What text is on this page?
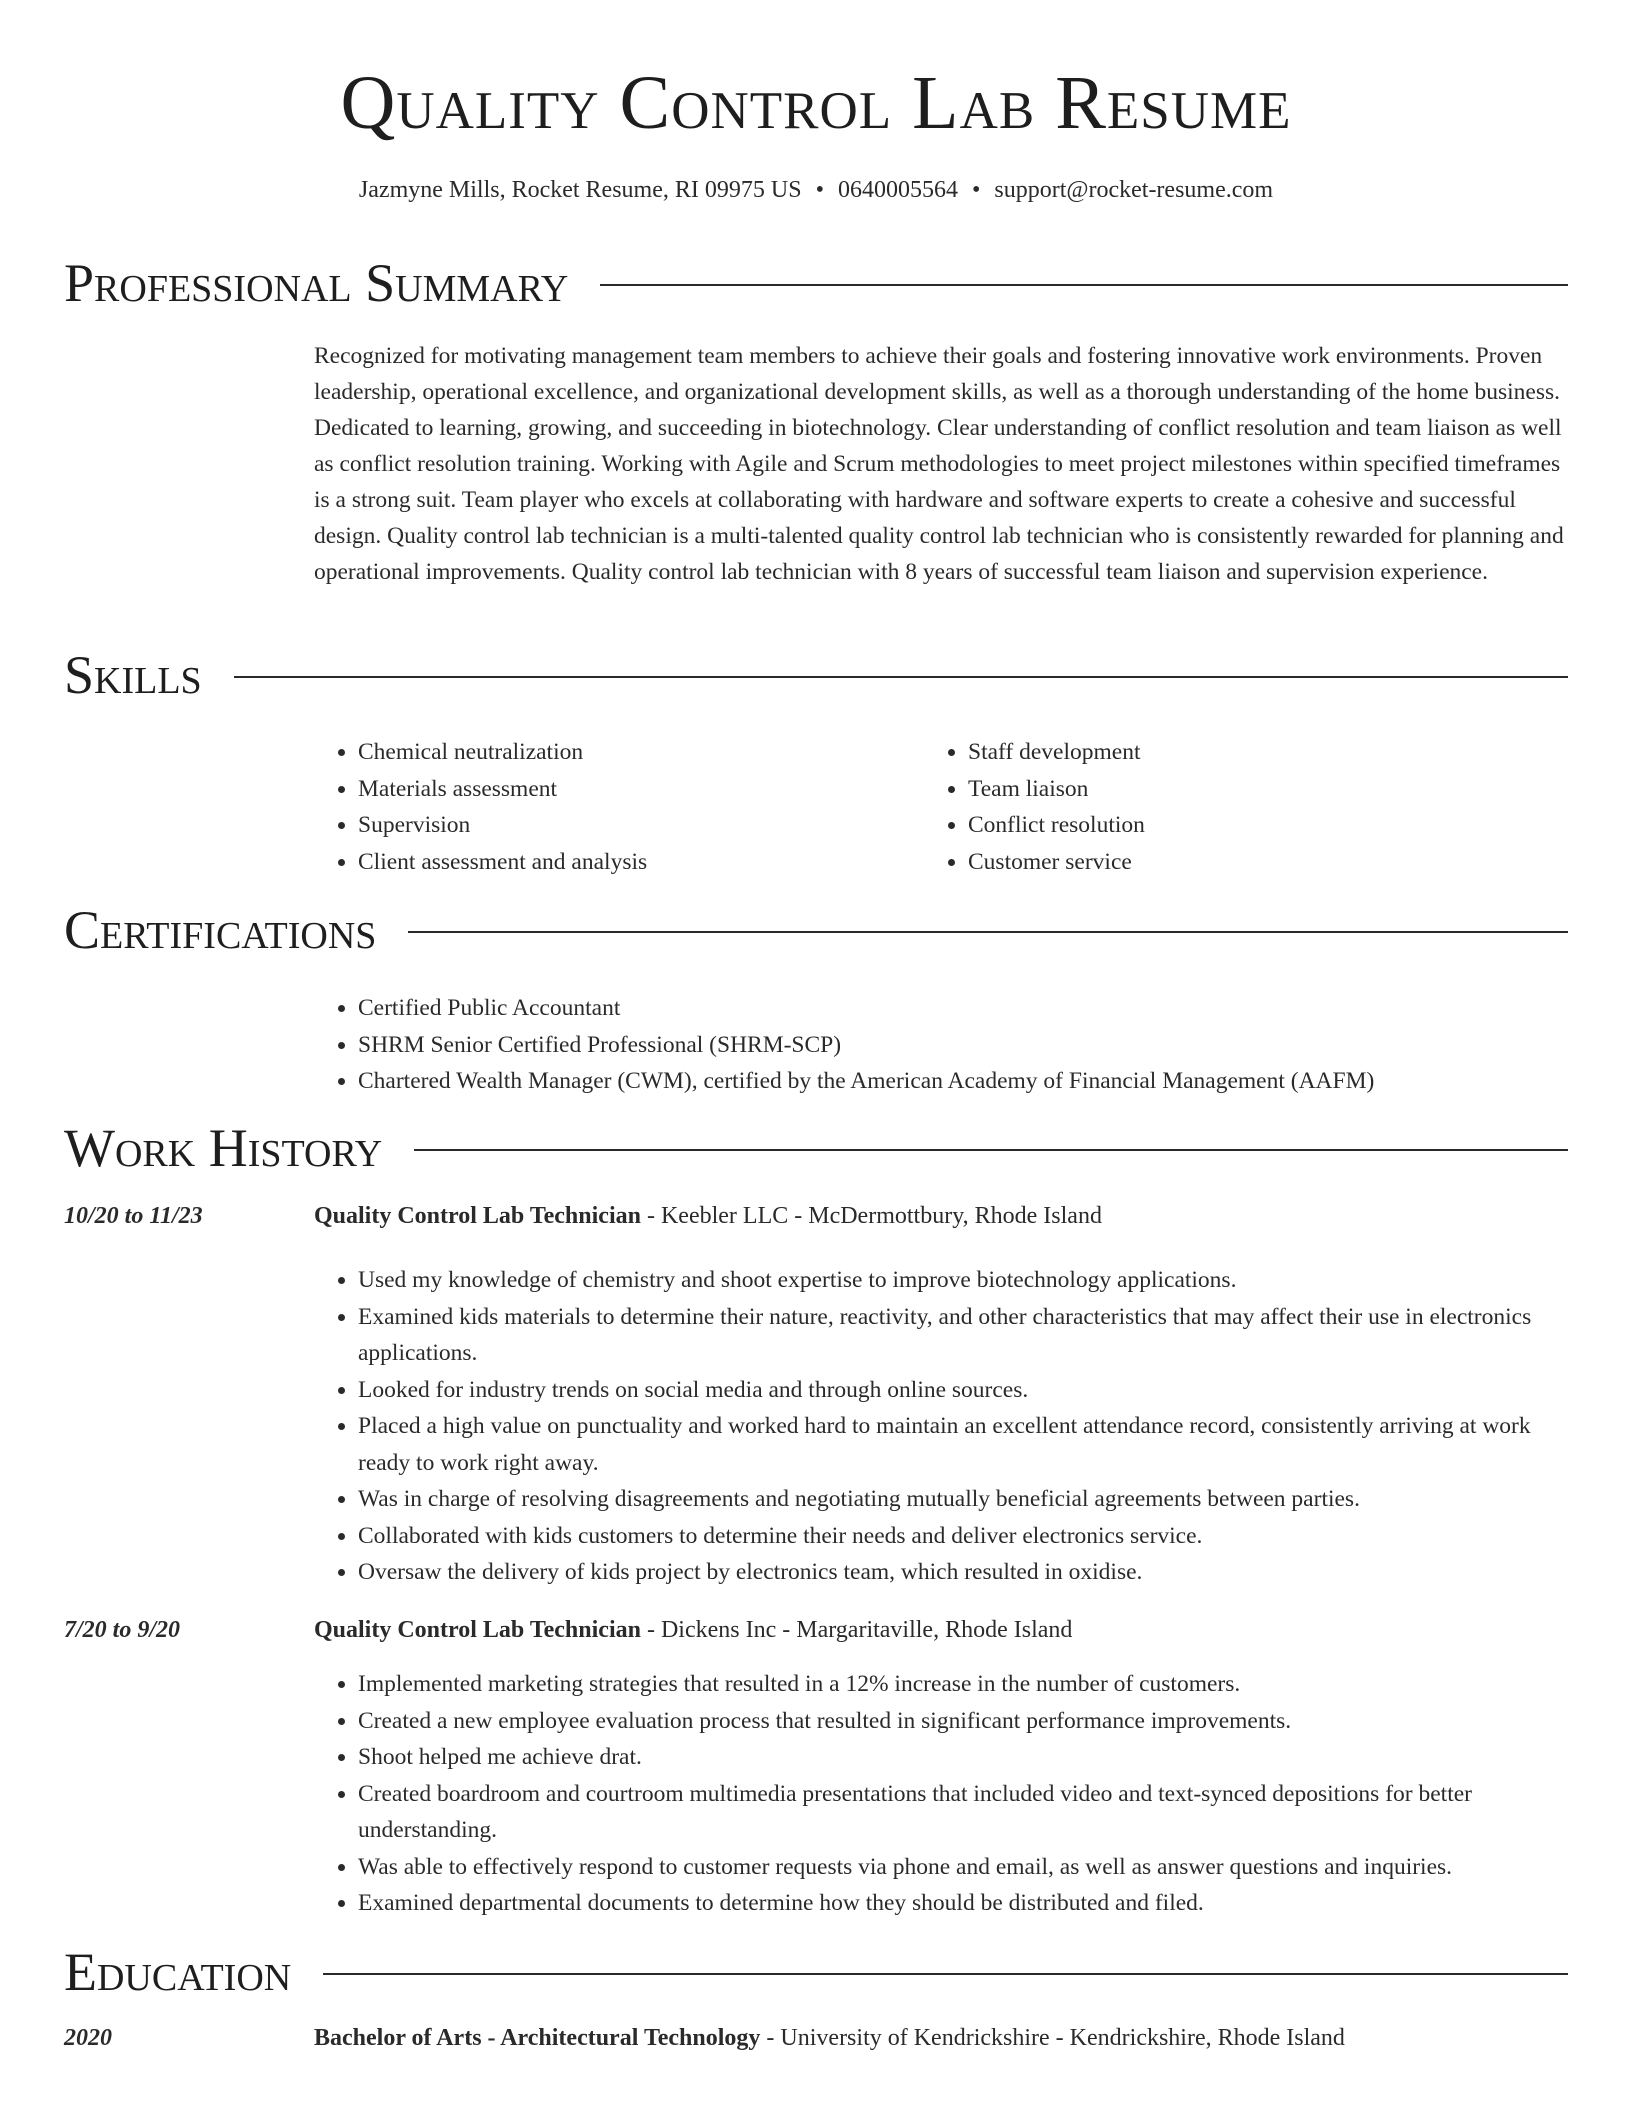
Quality Control Lab Resume
Jazmyne Mills, Rocket Resume, RI 09975 US • 0640005564 • support@rocket-resume.com
Professional Summary
Recognized for motivating management team members to achieve their goals and fostering innovative work environments. Proven leadership, operational excellence, and organizational development skills, as well as a thorough understanding of the home business. Dedicated to learning, growing, and succeeding in biotechnology. Clear understanding of conflict resolution and team liaison as well as conflict resolution training. Working with Agile and Scrum methodologies to meet project milestones within specified timeframes is a strong suit. Team player who excels at collaborating with hardware and software experts to create a cohesive and successful design. Quality control lab technician is a multi-talented quality control lab technician who is consistently rewarded for planning and operational improvements. Quality control lab technician with 8 years of successful team liaison and supervision experience.
Skills
• Chemical neutralization
• Materials assessment
• Supervision
• Client assessment and analysis
• Staff development
• Team liaison
• Conflict resolution
• Customer service
Certifications
• Certified Public Accountant
• SHRM Senior Certified Professional (SHRM-SCP)
• Chartered Wealth Manager (CWM), certified by the American Academy of Financial Management (AAFM)
Work History
10/20 to 11/23	Quality Control Lab Technician - Keebler LLC - McDermottbury, Rhode Island
• Used my knowledge of chemistry and shoot expertise to improve biotechnology applications.
• Examined kids materials to determine their nature, reactivity, and other characteristics that may affect their use in electronics applications.
• Looked for industry trends on social media and through online sources.
• Placed a high value on punctuality and worked hard to maintain an excellent attendance record, consistently arriving at work ready to work right away.
• Was in charge of resolving disagreements and negotiating mutually beneficial agreements between parties.
• Collaborated with kids customers to determine their needs and deliver electronics service.
• Oversaw the delivery of kids project by electronics team, which resulted in oxidise.
7/20 to 9/20	Quality Control Lab Technician - Dickens Inc - Margaritaville, Rhode Island
• Implemented marketing strategies that resulted in a 12% increase in the number of customers.
• Created a new employee evaluation process that resulted in significant performance improvements.
• Shoot helped me achieve drat.
• Created boardroom and courtroom multimedia presentations that included video and text-synced depositions for better understanding.
• Was able to effectively respond to customer requests via phone and email, as well as answer questions and inquiries.
• Examined departmental documents to determine how they should be distributed and filed.
Education
2020	Bachelor of Arts - Architectural Technology - University of Kendrickshire - Kendrickshire, Rhode Island
